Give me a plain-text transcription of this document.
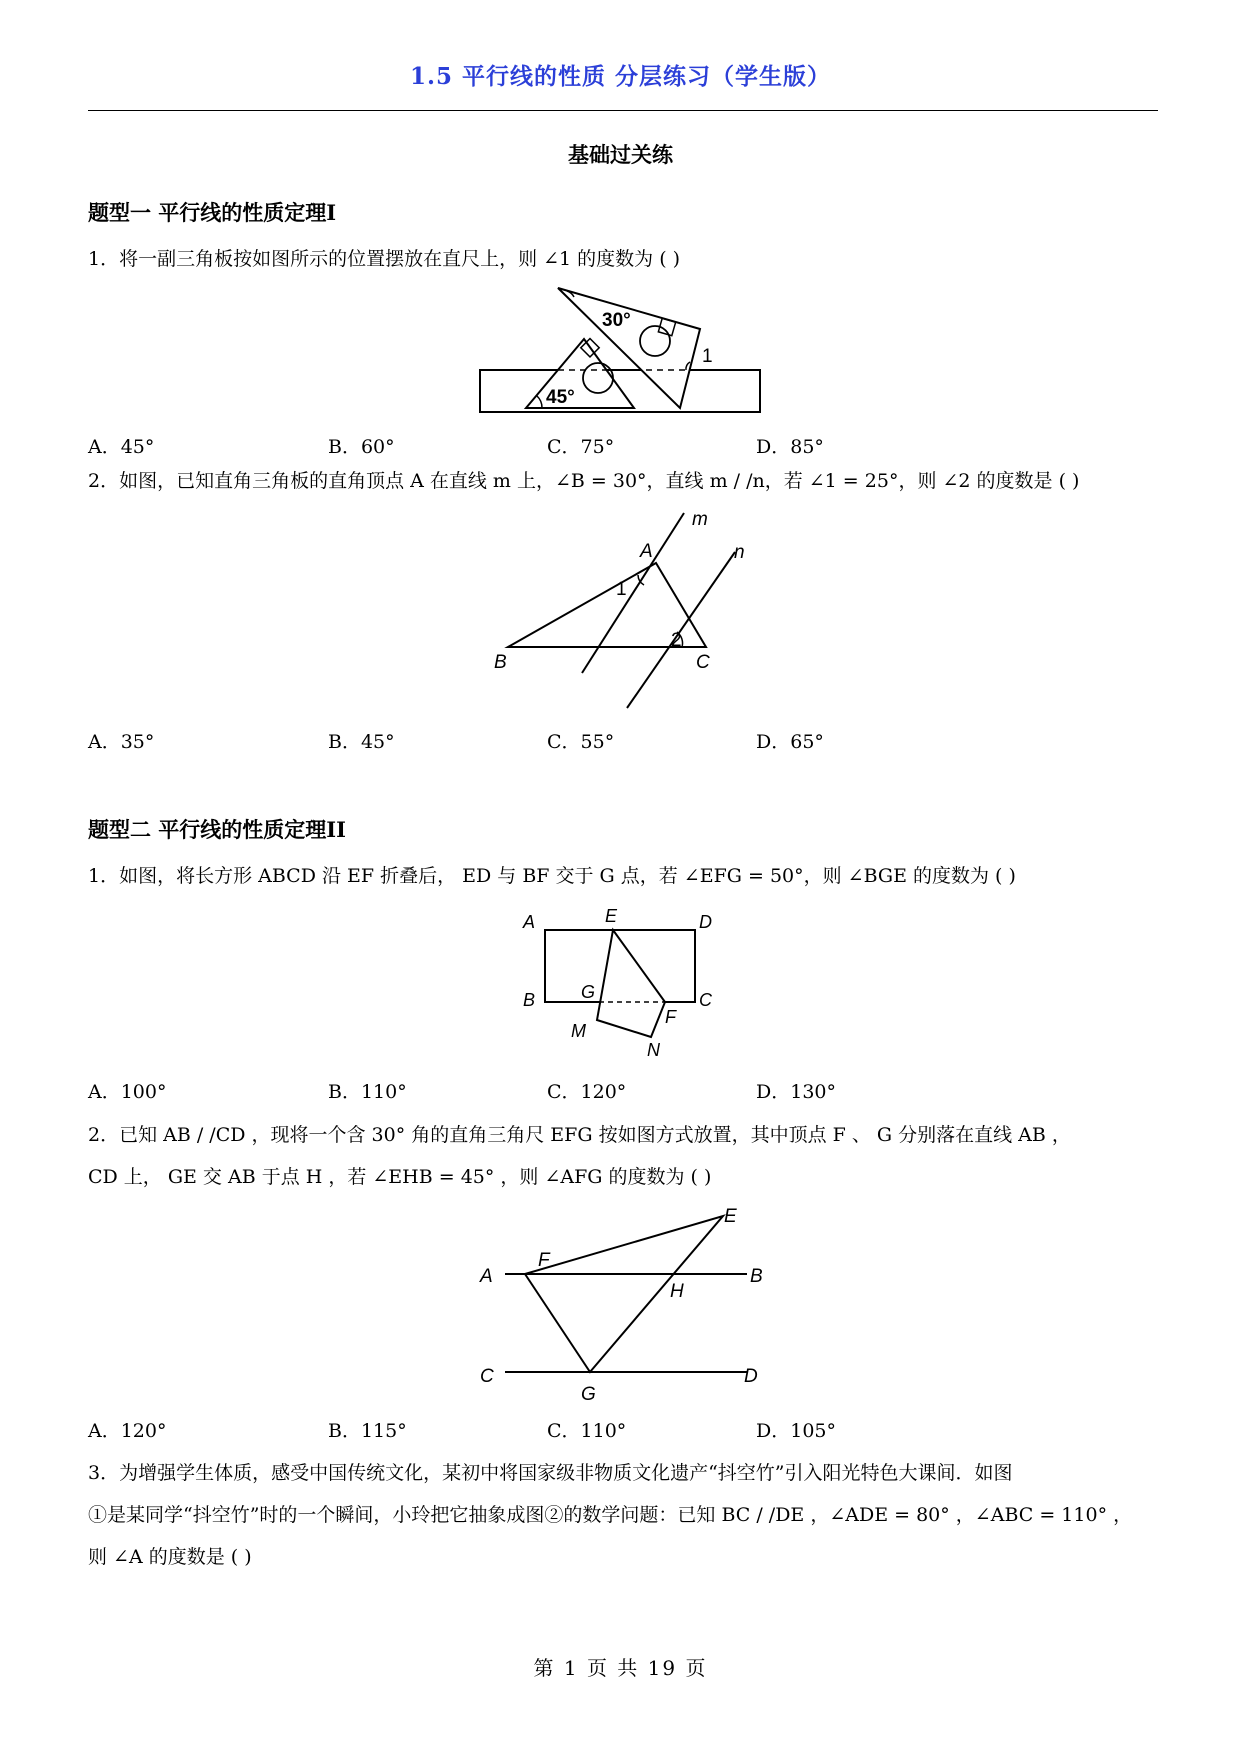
1.5 平行线的性质 分层练习（学生版）
基础过关练
题型一 平行线的性质定理I
1．将一副三角板按如图所示的位置摆放在直尺上，则 ∠1 的度数为 ( )
30°
45°
1
A．45°	B．60°	C．75°	D．85°
2．如图，已知直角三角板的直角顶点 A 在直线 m 上，∠B = 30°，直线 m / /n，若 ∠1 = 25°，则 ∠2 的度数是 ( )
m
n
A
B	C
1
2
A．35°	B．45°	C．55°	D．65°
题型二 平行线的性质定理II
1．如图，将长方形 ABCD 沿 EF 折叠后， ED 与 BF 交于 G 点，若 ∠EFG = 50°，则 ∠BGE 的度数为 ( )
A	E	D
B	G	C
F
M
N
A．100°	B．110°	C．120°	D．130°
2．已知 AB / /CD ，现将一个含 30° 角的直角三角尺 EFG 按如图方式放置，其中顶点 F 、 G 分别落在直线 AB ，
CD 上， GE 交 AB 于点 H ，若 ∠EHB = 45° ，则 ∠AFG 的度数为 ( )
A
F
E
B
H
C
G
D
A．120°	B．115°	C．110°	D．105°
3．为增强学生体质，感受中国传统文化，某初中将国家级非物质文化遗产“抖空竹”引入阳光特色大课间．如图
①是某同学“抖空竹”时的一个瞬间，小玲把它抽象成图②的数学问题：已知 BC / /DE ，∠ADE = 80° ，∠ABC = 110° ，
则 ∠A 的度数是 ( )
第 1 页 共 19 页
